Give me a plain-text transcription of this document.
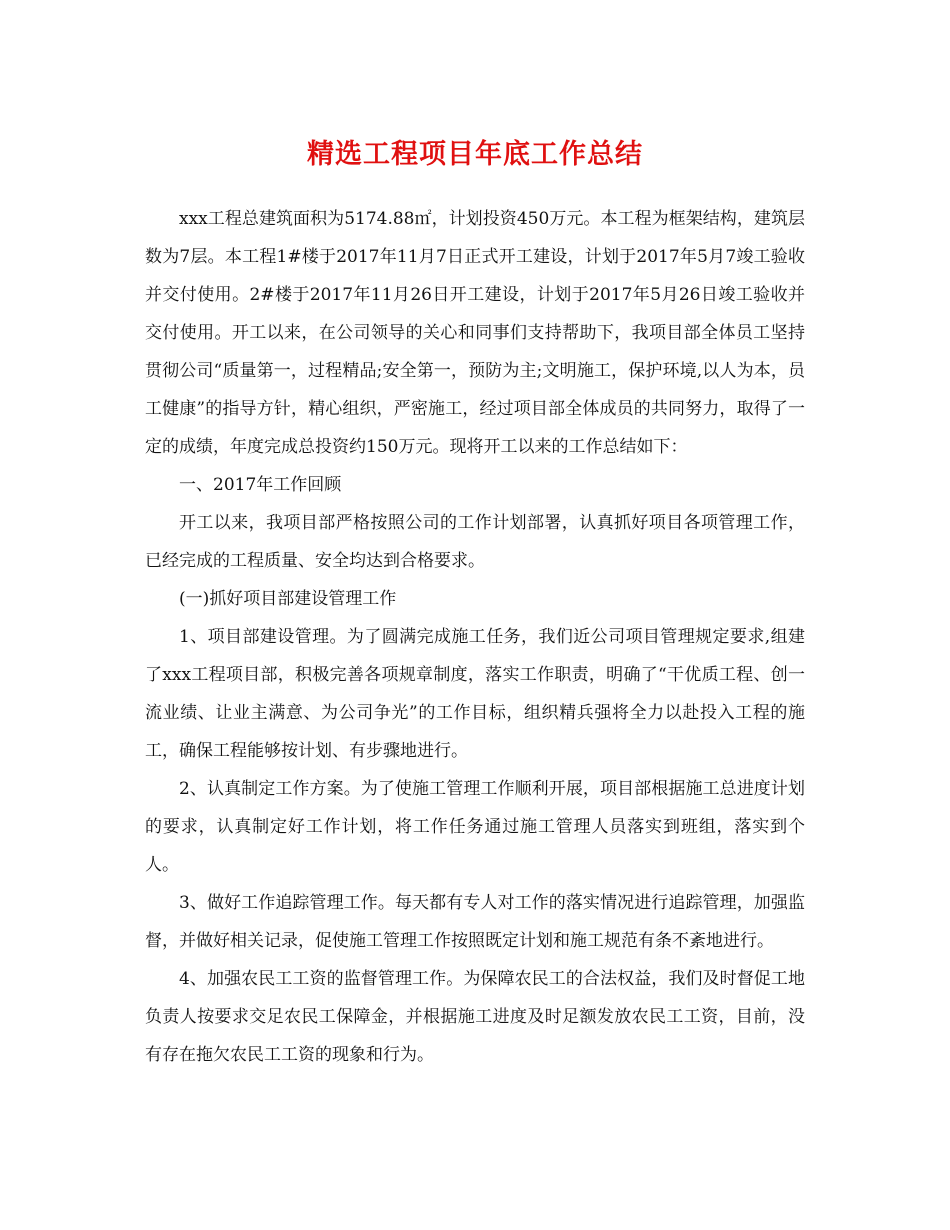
精选工程项目年底工作总结

xxx工程总建筑面积为5174.88㎡，计划投资450万元。本工程为框架结构，建筑层数为7层。本工程1#楼于2017年11月7日正式开工建设，计划于2017年5月7竣工验收并交付使用。2#楼于2017年11月26日开工建设，计划于2017年5月26日竣工验收并交付使用。开工以来，在公司领导的关心和同事们支持帮助下，我项目部全体员工坚持贯彻公司“质量第一，过程精品;安全第一，预防为主;文明施工，保护环境,以人为本，员工健康”的指导方针，精心组织，严密施工，经过项目部全体成员的共同努力，取得了一定的成绩，年度完成总投资约150万元。现将开工以来的工作总结如下：

一、2017年工作回顾

开工以来，我项目部严格按照公司的工作计划部署，认真抓好项目各项管理工作，已经完成的工程质量、安全均达到合格要求。

(一)抓好项目部建设管理工作

1、项目部建设管理。为了圆满完成施工任务，我们近公司项目管理规定要求,组建了xxx工程项目部，积极完善各项规章制度，落实工作职责，明确了“干优质工程、创一流业绩、让业主满意、为公司争光”的工作目标，组织精兵强将全力以赴投入工程的施工，确保工程能够按计划、有步骤地进行。

2、认真制定工作方案。为了使施工管理工作顺利开展，项目部根据施工总进度计划的要求，认真制定好工作计划，将工作任务通过施工管理人员落实到班组，落实到个人。

3、做好工作追踪管理工作。每天都有专人对工作的落实情况进行追踪管理，加强监督，并做好相关记录，促使施工管理工作按照既定计划和施工规范有条不紊地进行。

4、加强农民工工资的监督管理工作。为保障农民工的合法权益，我们及时督促工地负责人按要求交足农民工保障金，并根据施工进度及时足额发放农民工工资，目前，没有存在拖欠农民工工资的现象和行为。
